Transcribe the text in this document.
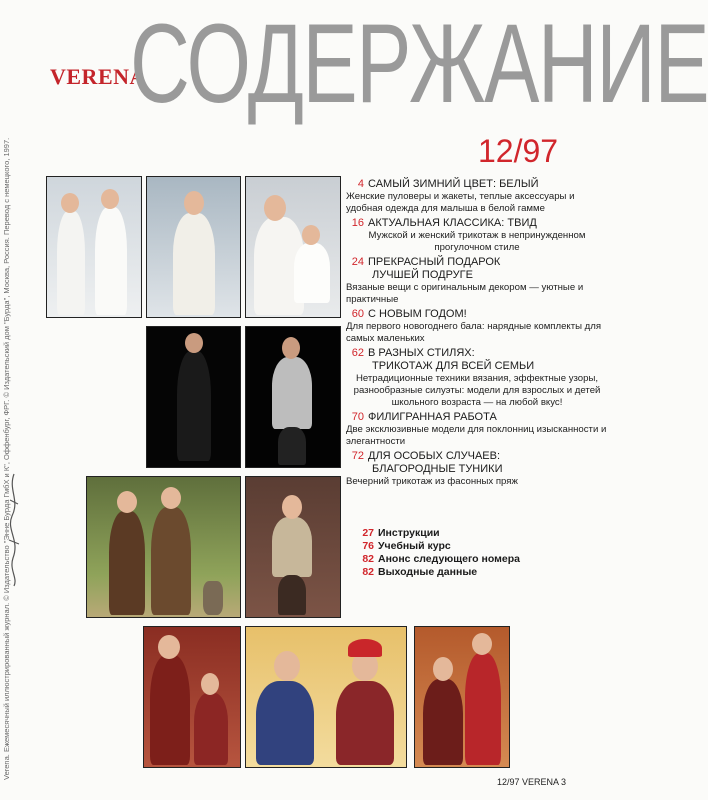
VERENA
СОДЕРЖАНИЕ
12/97
Verena. Ежемесячный иллюстрированный журнал. © Издательство "Энне Бурда ГмбХ и К", Оффенбург, ФРГ. © Издательский дом "Бурда", Москва, Россия. Перевод с немецкого, 1997.	4 САМЫЙ ЗИМНИЙ ЦВЕТ: БЕЛЫЙ
Женские пуловеры и жакеты, теплые аксессуары и удобная одежда для малыша в белой гамме
16 АКТУАЛЬНАЯ КЛАССИКА: ТВИД
Мужской и женский трикотаж в непринужденном прогулочном стиле
24 ПРЕКРАСНЫЙ ПОДАРОК
ЛУЧШЕЙ ПОДРУГЕ
Вязаные вещи с оригинальным декором — уютные и практичные
60 С НОВЫМ ГОДОМ!
Для первого новогоднего бала: нарядные комплекты для самых маленьких
62 В РАЗНЫХ СТИЛЯХ:
ТРИКОТАЖ ДЛЯ ВСЕЙ СЕМЬИ
Нетрадиционные техники вязания, эффектные узоры, разнообразные силуэты: модели для взрослых и детей школьного возраста — на любой вкус!
70 ФИЛИГРАННАЯ РАБОТА
Две эксклюзивные модели для поклонниц изысканности и элегантности
72 ДЛЯ ОСОБЫХ СЛУЧАЕВ:
БЛАГОРОДНЫЕ ТУНИКИ
Вечерний трикотаж из фасонных пряж
27 Инструкции
76 Учебный курс
82 Анонс следующего номера
82 Выходные данные
12/97 VERENA 3
